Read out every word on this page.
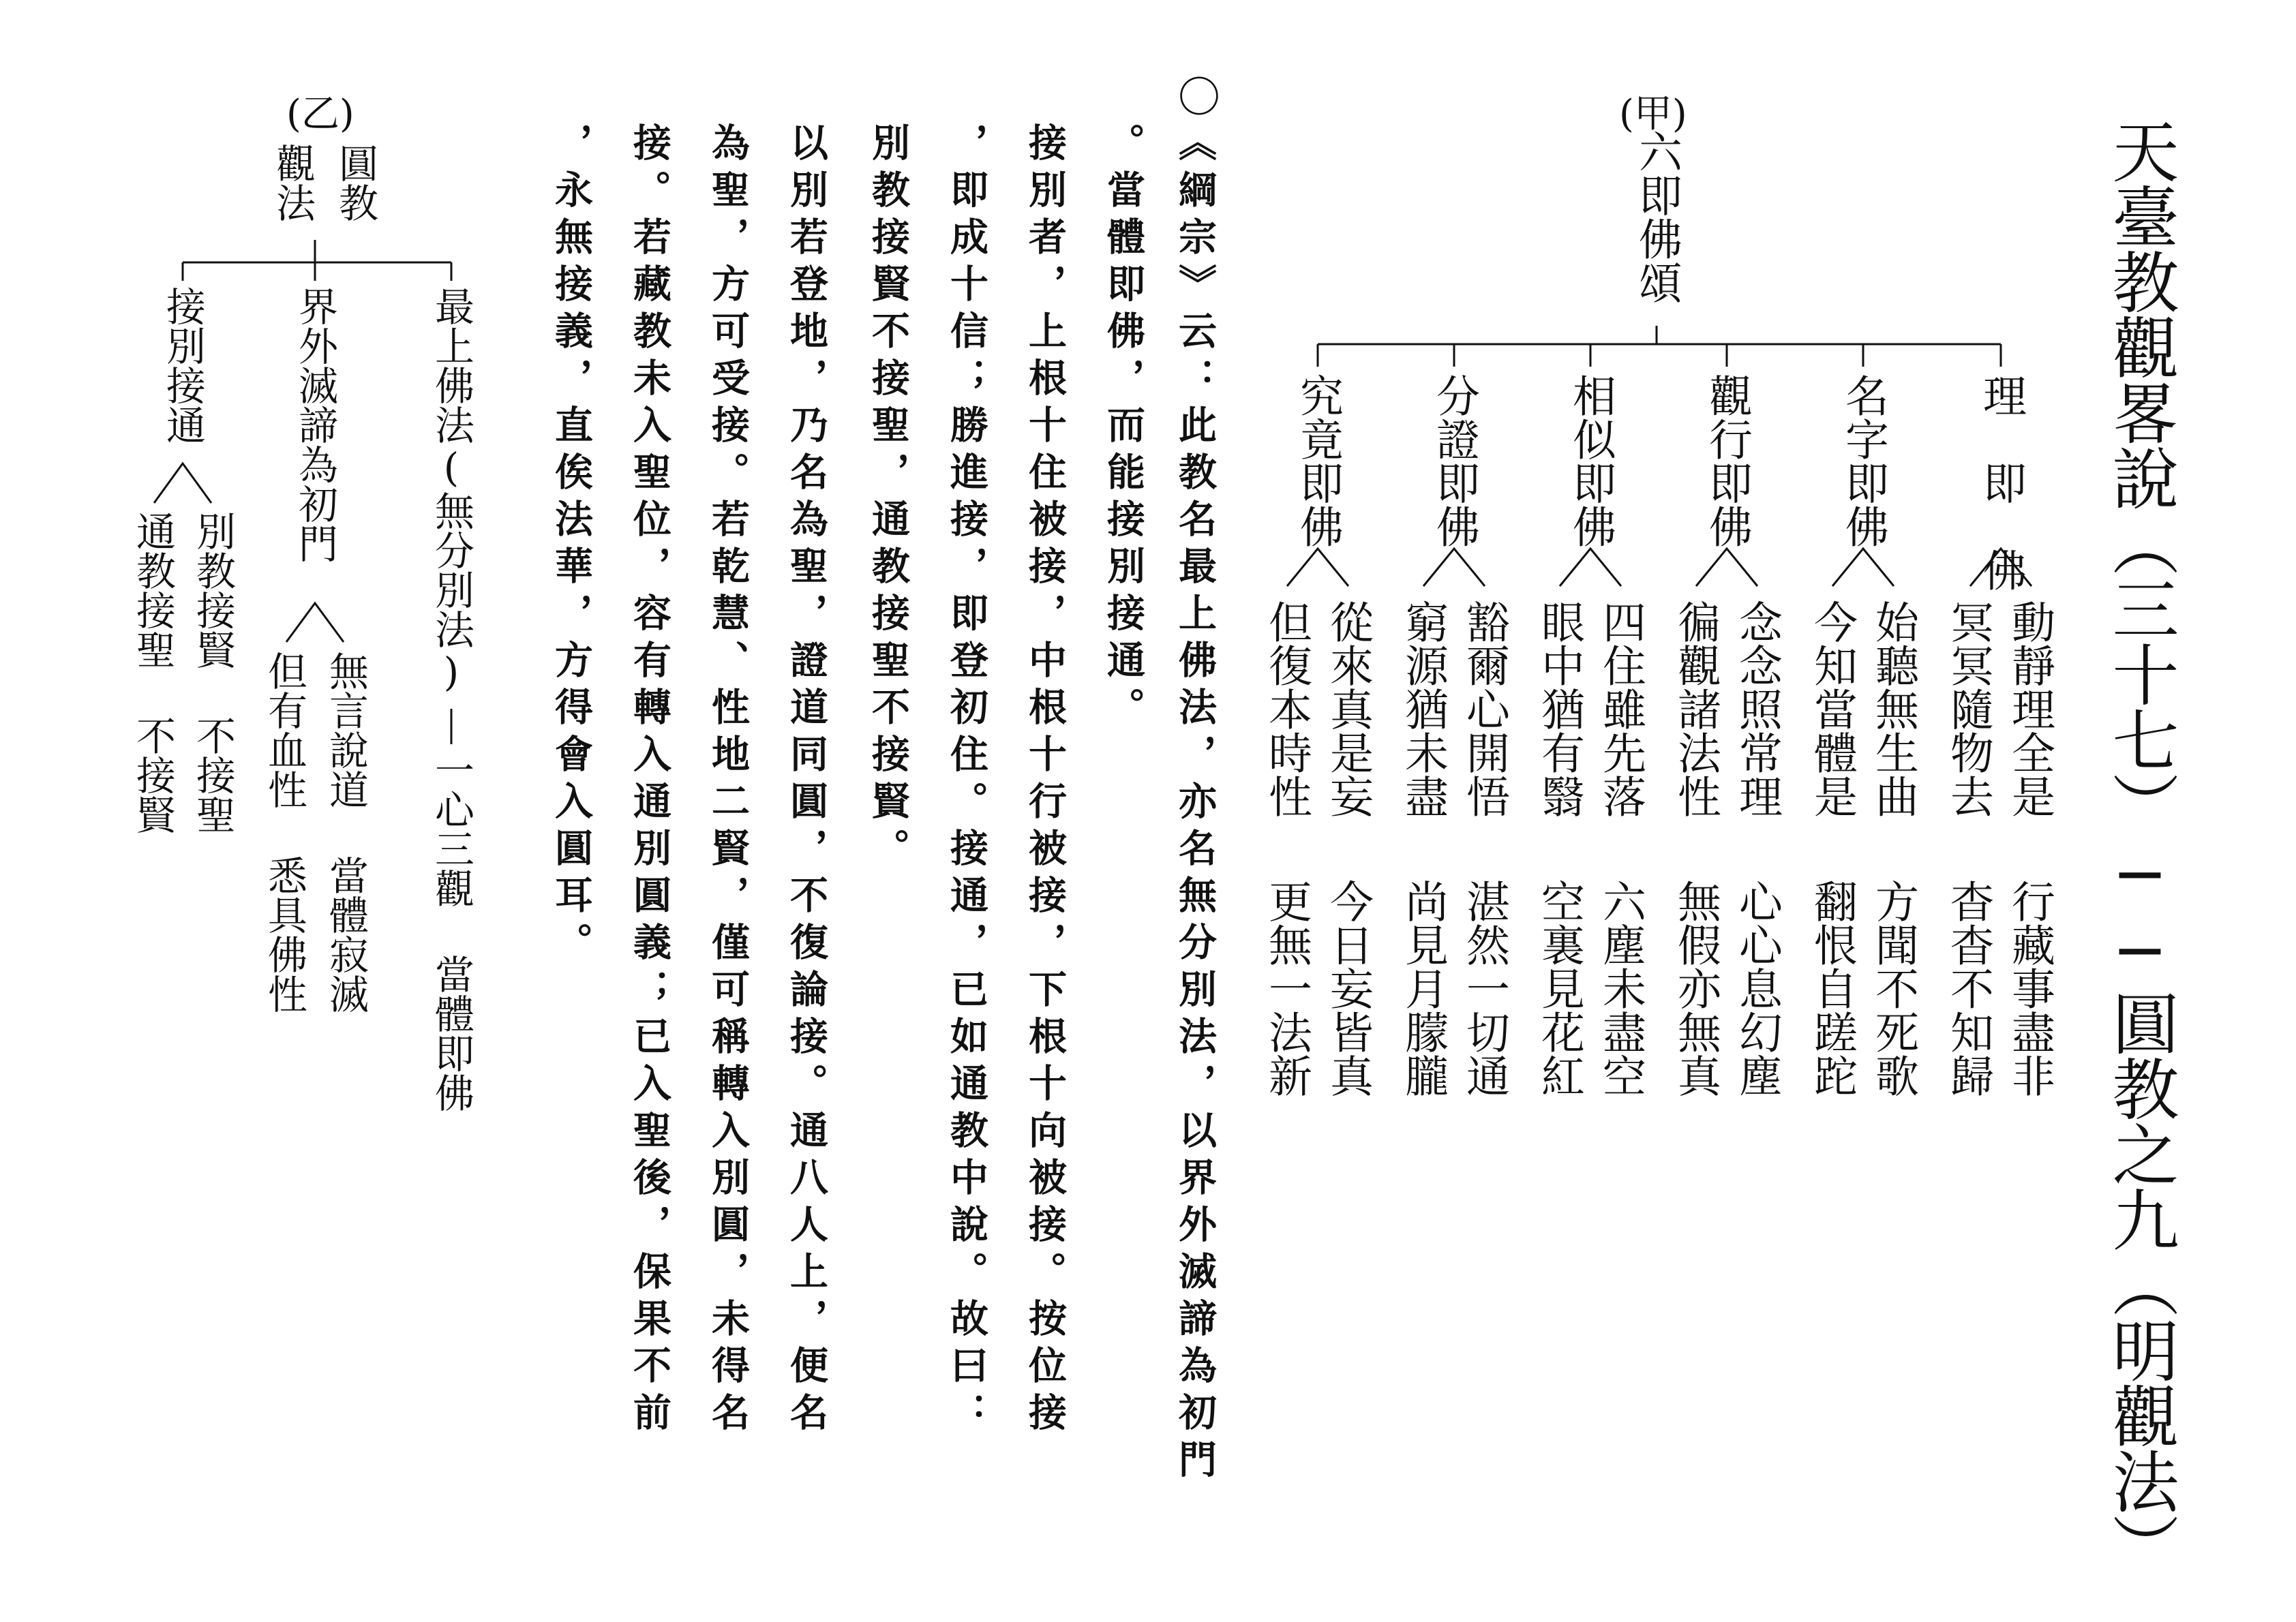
天臺教觀畧說（三十七）──圓教之九（明觀法）
(甲)
六即佛頌
理　即　佛
動靜理全是
行藏事盡非
冥冥隨物去
杳杳不知歸
名字即佛
始聽無生曲
方聞不死歌
今知當體是
翻恨自蹉跎
觀行即佛
念念照常理
心心息幻塵
徧觀諸法性
無假亦無真
相似即佛
四住雖先落
六塵未盡空
眼中猶有翳
空裏見花紅
分證即佛
豁爾心開悟
湛然一切通
窮源猶未盡
尚見月朦朧
究竟即佛
從來真是妄
今日妄皆真
但復本時性
更無一法新
〇
《綱宗》云：此教名最上佛法，亦名無分別法，以界外滅諦為初門
。當體即佛，而能接別接通。
接別者，上根十住被接，中根十行被接，下根十向被接。按位接
，即成十信；勝進接，即登初住。接通，已如通教中說。故曰：
別教接賢不接聖，通教接聖不接賢。
以別若登地，乃名為聖，證道同圓，不復論接。通八人上，便名
為聖，方可受接。若乾慧、性地二賢，僅可稱轉入別圓，未得名
接。若藏教未入聖位，容有轉入通別圓義；已入聖後，保果不前
，永無接義，直俟法華，方得會入圓耳。
(乙)
圓教
觀法
最上佛法(無分別法)
一心三觀 當體即佛
界外滅諦為初門
無言說道 當體寂滅
但有血性 悉具佛性
接別接通
別教接賢 不接聖
通教接聖 不接賢
